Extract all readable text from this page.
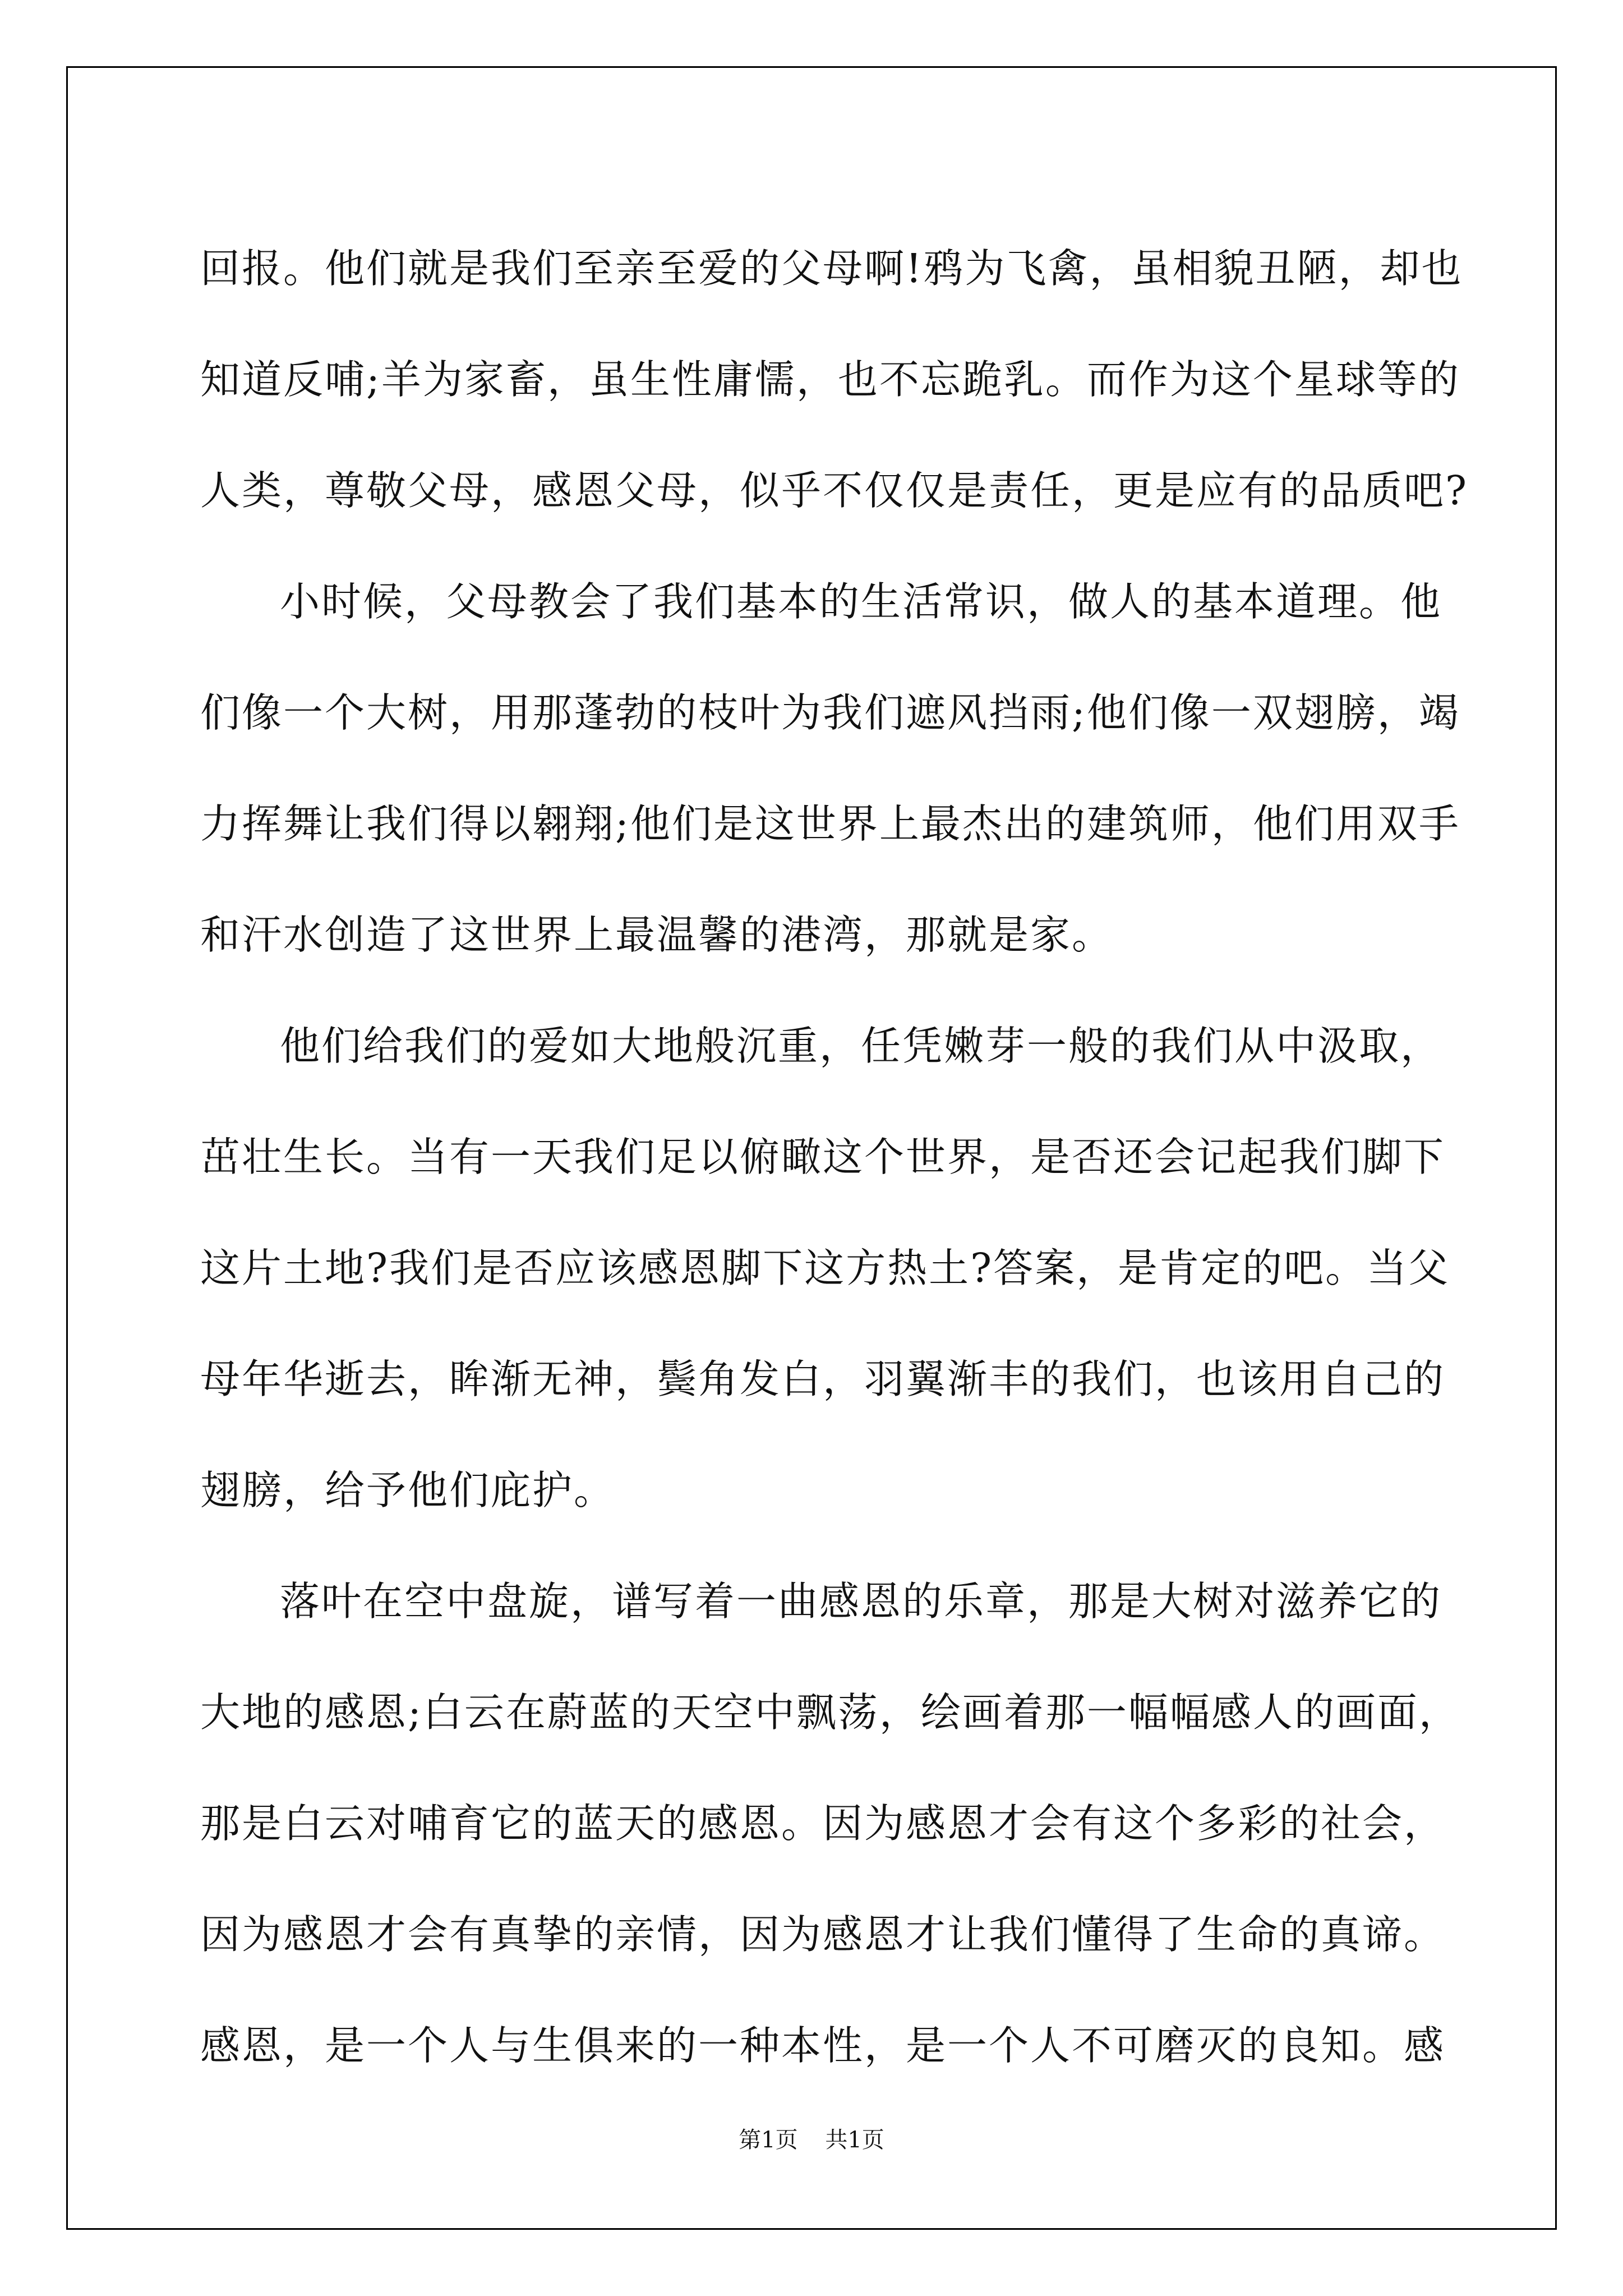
回报。他们就是我们至亲至爱的父母啊!鸦为飞禽，虽相貌丑陋，却也
知道反哺;羊为家畜，虽生性庸懦，也不忘跪乳。而作为这个星球等的
人类，尊敬父母，感恩父母，似乎不仅仅是责任，更是应有的品质吧?
小时候，父母教会了我们基本的生活常识，做人的基本道理。他
们像一个大树，用那蓬勃的枝叶为我们遮风挡雨;他们像一双翅膀，竭
力挥舞让我们得以翱翔;他们是这世界上最杰出的建筑师，他们用双手
和汗水创造了这世界上最温馨的港湾，那就是家。
他们给我们的爱如大地般沉重，任凭嫩芽一般的我们从中汲取，
茁壮生长。当有一天我们足以俯瞰这个世界，是否还会记起我们脚下
这片土地?我们是否应该感恩脚下这方热土?答案，是肯定的吧。当父
母年华逝去，眸渐无神，鬓角发白，羽翼渐丰的我们，也该用自己的
翅膀，给予他们庇护。
落叶在空中盘旋，谱写着一曲感恩的乐章，那是大树对滋养它的
大地的感恩;白云在蔚蓝的天空中飘荡，绘画着那一幅幅感人的画面，
那是白云对哺育它的蓝天的感恩。因为感恩才会有这个多彩的社会，
因为感恩才会有真挚的亲情，因为感恩才让我们懂得了生命的真谛。
感恩，是一个人与生俱来的一种本性，是一个人不可磨灭的良知。感
第1页 共1页
